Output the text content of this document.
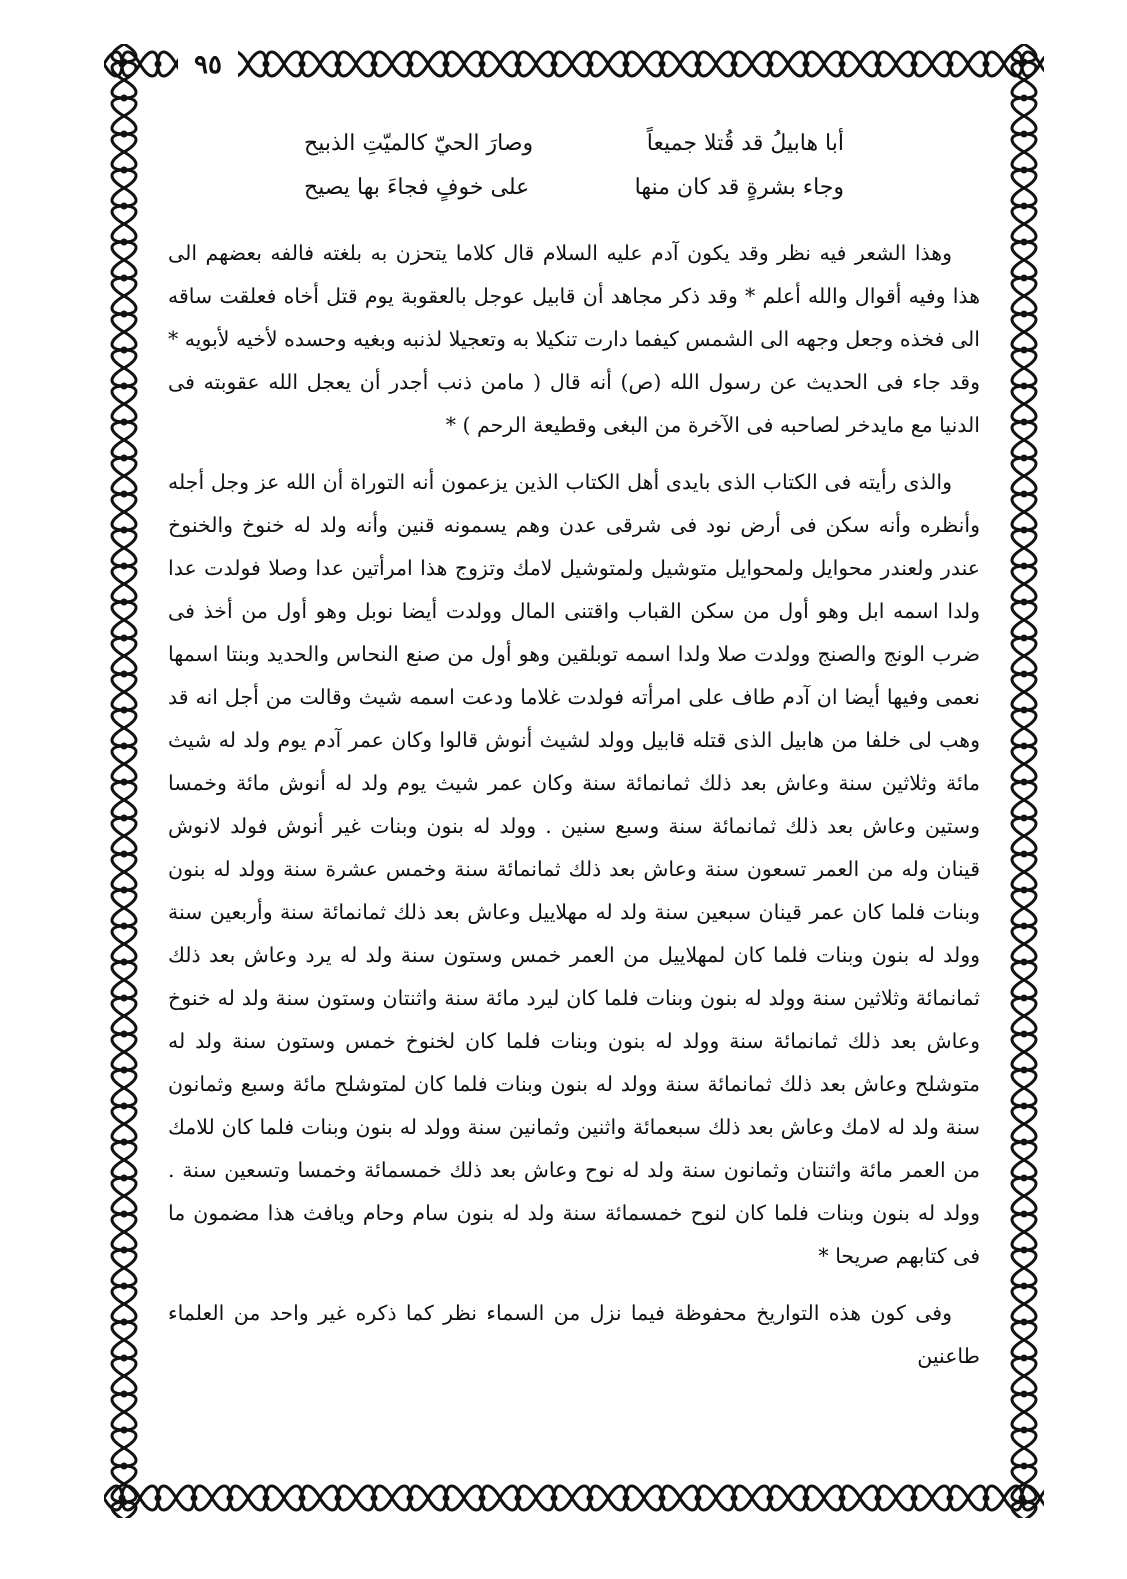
٩٥
أبا هابيلُ قد قُتلا جميعاً
وصارَ الحيّ كالميّتِ الذبيح
وجاء بشرةٍ قد كان منها
على خوفٍ فجاءَ بها يصيح

وهذا الشعر فيه نظر وقد يكون آدم عليه السلام قال كلاما يتحزن به بلغته فالفه بعضهم الى هذا وفيه أقوال والله أعلم * وقد ذكر مجاهد أن قابيل عوجل بالعقوبة يوم قتل أخاه فعلقت ساقه الى فخذه وجعل وجهه الى الشمس كيفما دارت تنكيلا به وتعجيلا لذنبه وبغيه وحسده لأخيه لأبويه * وقد جاء فى الحديث عن رسول الله (ص) أنه قال ( مامن ذنب أجدر أن يعجل الله عقوبته فى الدنيا مع مايدخر لصاحبه فى الآخرة من البغى وقطيعة الرحم ) *

والذى رأيته فى الكتاب الذى بايدى أهل الكتاب الذين يزعمون أنه التوراة أن الله عز وجل أجله وأنظره وأنه سكن فى أرض نود فى شرقى عدن وهم يسمونه قنين وأنه ولد له خنوخ والخنوخ عندر ولعندر محوايل ولمحوايل متوشيل ولمتوشيل لامك وتزوج هذا امرأتين عدا وصلا فولدت عدا ولدا اسمه ابل وهو أول من سكن القباب واقتنى المال وولدت أيضا نوبل وهو أول من أخذ فى ضرب الونج والصنج وولدت صلا ولدا اسمه توبلقين وهو أول من صنع النحاس والحديد وبنتا اسمها نعمى وفيها أيضا ان آدم طاف على امرأته فولدت غلاما ودعت اسمه شيث وقالت من أجل انه قد وهب لى خلفا من هابيل الذى قتله قابيل وولد لشيث أنوش قالوا وكان عمر آدم يوم ولد له شيث مائة وثلاثين سنة وعاش بعد ذلك ثمانمائة سنة وكان عمر شيث يوم ولد له أنوش مائة وخمسا وستين وعاش بعد ذلك ثمانمائة سنة وسبع سنين . وولد له بنون وبنات غير أنوش فولد لانوش قينان وله من العمر تسعون سنة وعاش بعد ذلك ثمانمائة سنة وخمس عشرة سنة وولد له بنون وبنات فلما كان عمر قينان سبعين سنة ولد له مهلاييل وعاش بعد ذلك ثمانمائة سنة وأربعين سنة وولد له بنون وبنات فلما كان لمهلاييل من العمر خمس وستون سنة ولد له يرد وعاش بعد ذلك ثمانمائة وثلاثين سنة وولد له بنون وبنات فلما كان ليرد مائة سنة واثنتان وستون سنة ولد له خنوخ وعاش بعد ذلك ثمانمائة سنة وولد له بنون وبنات فلما كان لخنوخ خمس وستون سنة ولد له متوشلح وعاش بعد ذلك ثمانمائة سنة وولد له بنون وبنات فلما كان لمتوشلح مائة وسبع وثمانون سنة ولد له لامك وعاش بعد ذلك سبعمائة واثنين وثمانين سنة وولد له بنون وبنات فلما كان للامك من العمر مائة واثنتان وثمانون سنة ولد له نوح وعاش بعد ذلك خمسمائة وخمسا وتسعين سنة . وولد له بنون وبنات فلما كان لنوح خمسمائة سنة ولد له بنون سام وحام ويافث هذا مضمون ما فى كتابهم صريحا *

وفى كون هذه التواريخ محفوظة فيما نزل من السماء نظر كما ذكره غير واحد من العلماء طاعنين
